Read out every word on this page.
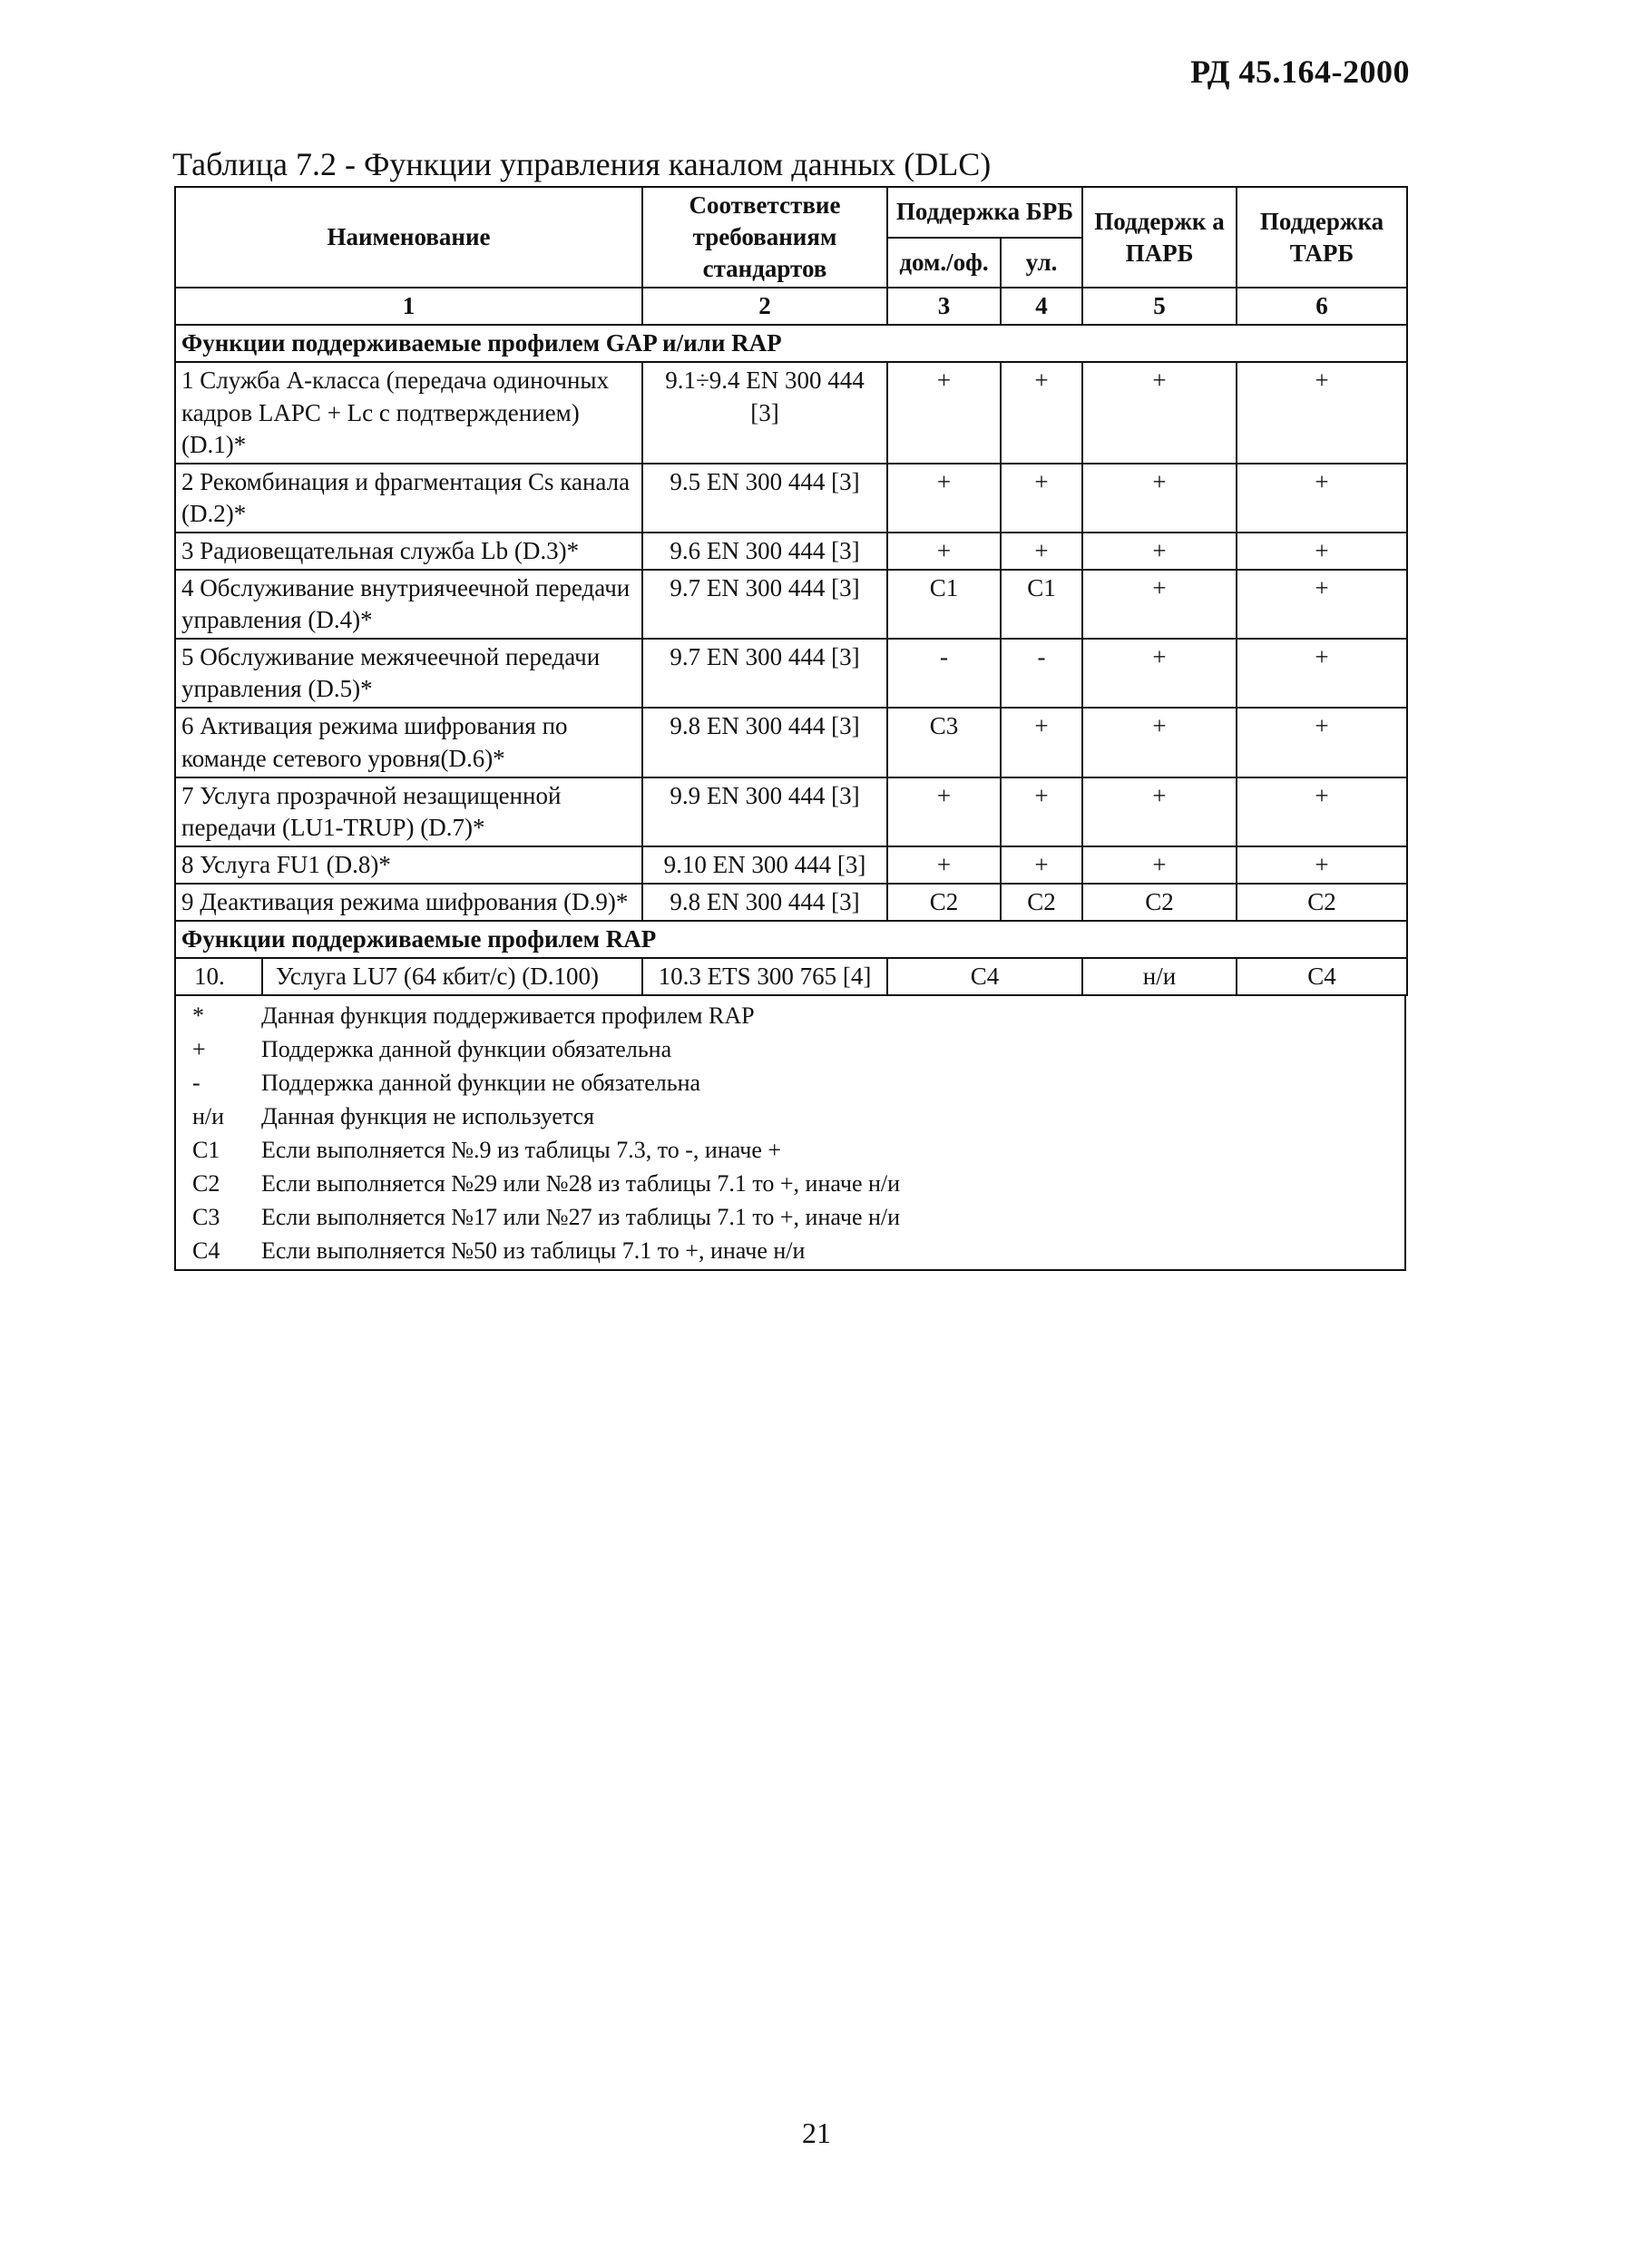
РД 45.164-2000
Таблица 7.2 - Функции управления каналом данных (DLC)
Наименование	Соответствие требованиям стандартов	Поддержка БРБ		Поддержк а ПАРБ	Поддержка ТАРБ
		дом./оф.	ул.		
1	2	3	4	5	6
Функции поддерживаемые профилем GAP и/или RAP					
1 Служба А-класса (передача одиночных кадров LAPC + Lc c подтверждением) (D.1)*	9.1÷9.4 EN 300 444 [3]	+	+	+	+
2 Рекомбинация и фрагментация Cs канала (D.2)*	9.5 EN 300 444 [3]	+	+	+	+
3 Радиовещательная служба Lb (D.3)*	9.6 EN 300 444 [3]	+	+	+	+
4 Обслуживание внутриячеечной передачи управления (D.4)*	9.7 EN 300 444 [3]	C1	C1	+	+
5 Обслуживание межячеечной передачи управления (D.5)*	9.7 EN 300 444 [3]	-	-	+	+
6 Активация режима шифрования по команде сетевого уровня(D.6)*	9.8 EN 300 444 [3]	C3	+	+	+
7 Услуга прозрачной незащищенной передачи (LU1-TRUP) (D.7)*	9.9 EN 300 444 [3]	+	+	+	+
8 Услуга FU1 (D.8)*	9.10 EN 300 444 [3]	+	+	+	+
9 Деактивация режима шифрования (D.9)*	9.8 EN 300 444 [3]	C2	C2	C2	C2
Функции поддерживаемые профилем RAP					

10. Услуга LU7 (64 кбит/с) (D.100)	10.3 ETS 300 765 [4]	C4		н/и	C4
*	Данная функция поддерживается профилем RAP
+	Поддержка данной функции обязательна
-	Поддержка данной функции не обязательна
н/и	Данная функция не используется
C1	Если выполняется №.9 из таблицы 7.3, то -, иначе +
C2	Если выполняется №29 или №28 из таблицы 7.1 то +, иначе н/и
C3	Если выполняется №17 или №27 из таблицы 7.1 то +, иначе н/и
C4	Если выполняется №50 из таблицы 7.1 то +, иначе н/и
21
